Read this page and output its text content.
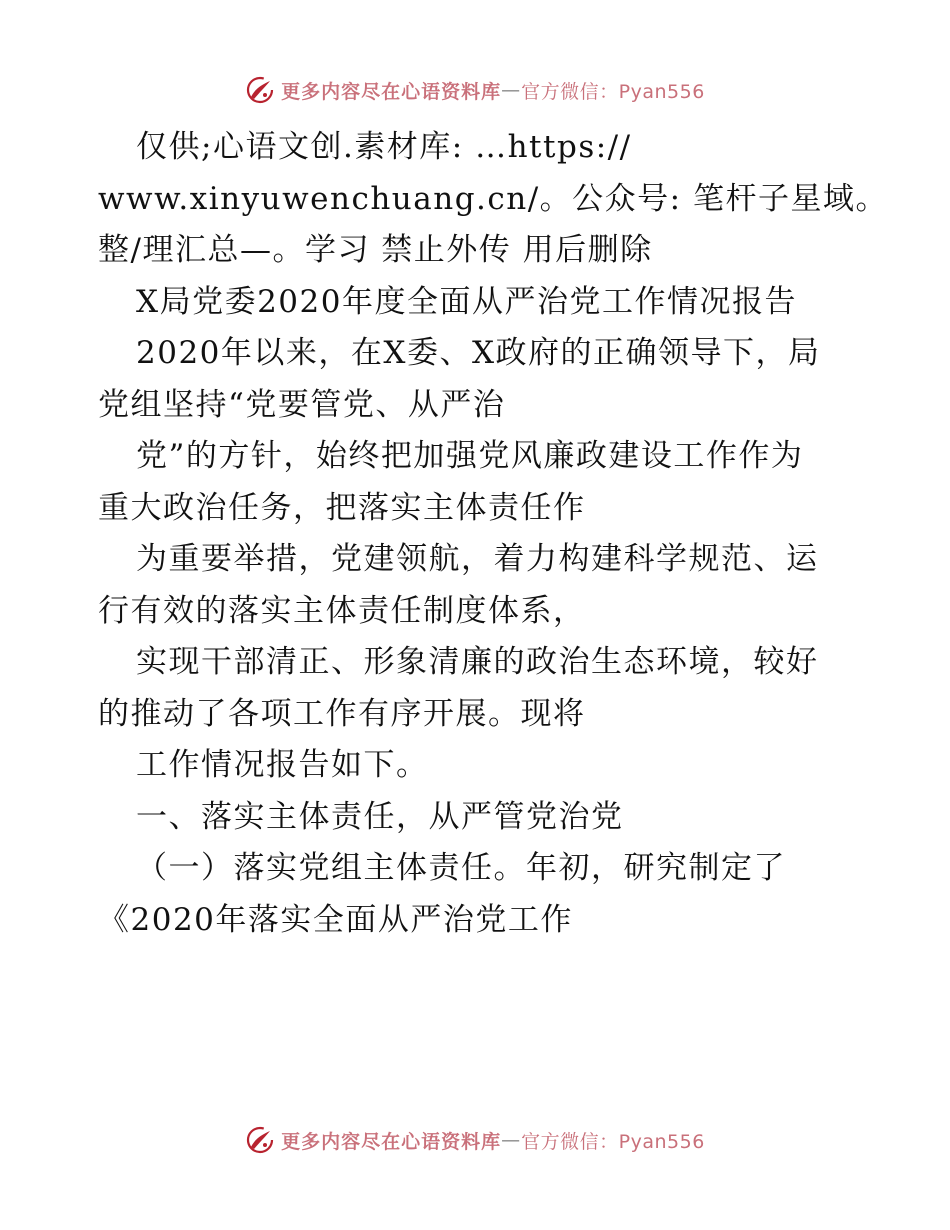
更多内容尽在心语资料库 — 官方微信：Pyan556
仅供;心语文创.素材库: …https://
www.xinyuwenchuang.cn/。公众号: 笔杆子星域。
整/理汇总—。学习 禁止外传 用后删除
X局党委2020年度全面从严治党工作情况报告
2020年以来，在X委、X政府的正确领导下，局
党组坚持“党要管党、从严治
党”的方针，始终把加强党风廉政建设工作作为
重大政治任务，把落实主体责任作
为重要举措，党建领航，着力构建科学规范、运
行有效的落实主体责任制度体系，
实现干部清正、形象清廉的政治生态环境，较好
的推动了各项工作有序开展。现将
工作情况报告如下。
一、落实主体责任，从严管党治党
（一）落实党组主体责任。年初，研究制定了
《2020年落实全面从严治党工作
更多内容尽在心语资料库 — 官方微信：Pyan556
